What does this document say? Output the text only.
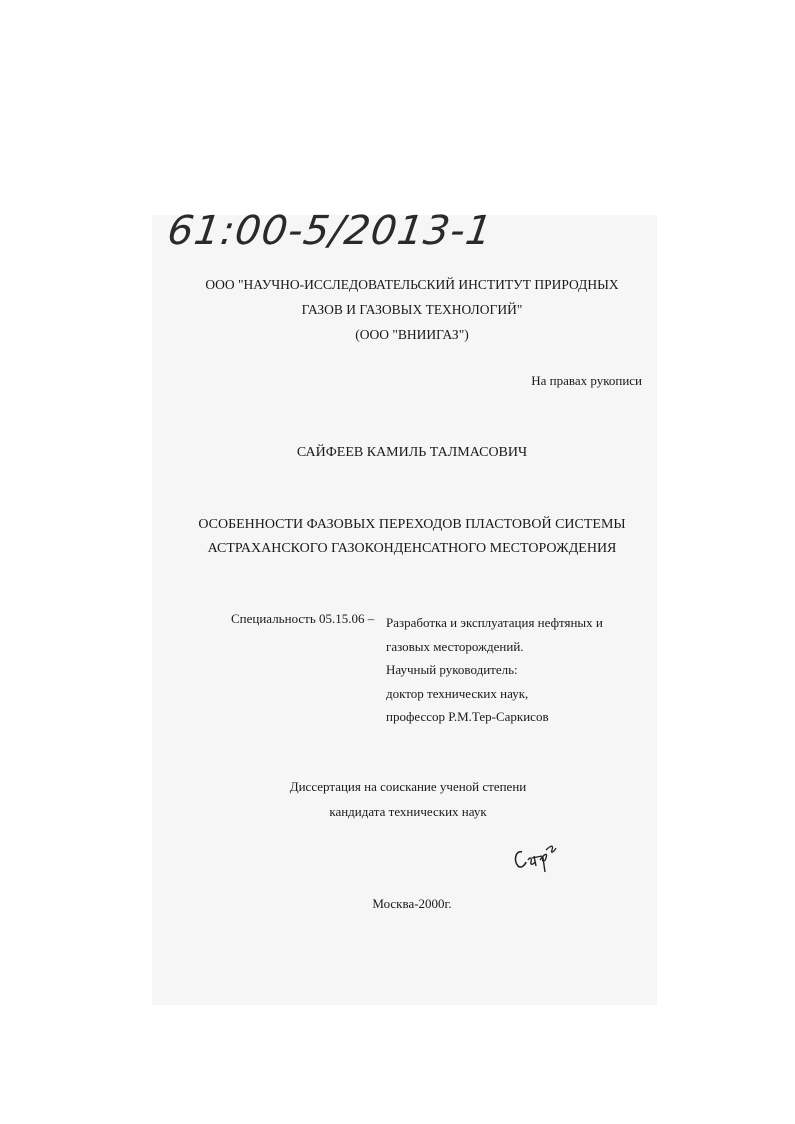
61:00-5/2013-1
ООО "НАУЧНО-ИССЛЕДОВАТЕЛЬСКИЙ ИНСТИТУТ ПРИРОДНЫХ
ГАЗОВ И ГАЗОВЫХ ТЕХНОЛОГИЙ"
(ООО "ВНИИГАЗ")
На правах рукописи
САЙФЕЕВ КАМИЛЬ ТАЛМАСОВИЧ
ОСОБЕННОСТИ ФАЗОВЫХ ПЕРЕХОДОВ ПЛАСТОВОЙ СИСТЕМЫ
АСТРАХАНСКОГО ГАЗОКОНДЕНСАТНОГО МЕСТОРОЖДЕНИЯ
Специальность 05.15.06 – Разработка и эксплуатация нефтяных и
газовых месторождений.
Научный руководитель:
доктор технических наук,
профессор Р.М.Тер-Саркисов
Диссертация на соискание ученой степени
кандидата технических наук
Москва-2000г.
